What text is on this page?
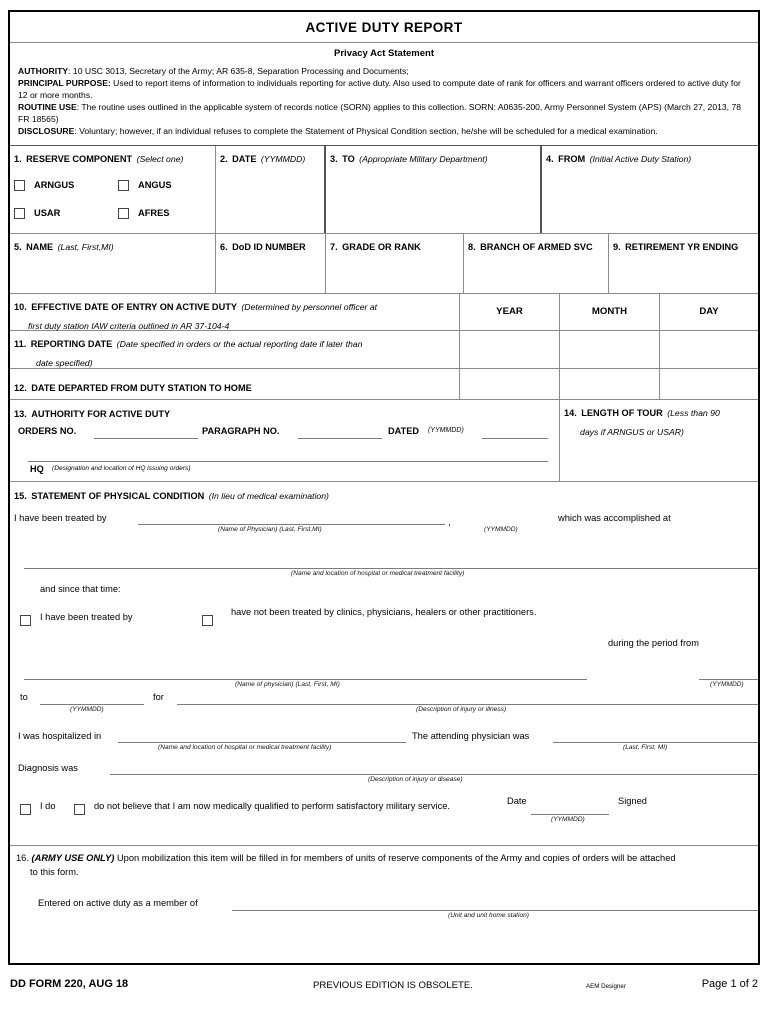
ACTIVE DUTY REPORT
Privacy Act Statement
AUTHORITY: 10 USC 3013, Secretary of the Army; AR 635-8, Separation Processing and Documents;
PRINCIPAL PURPOSE: Used to report items of information to individuals reporting for active duty. Also used to compute date of rank for officers and warrant officers ordered to active duty for 12 or more months.
ROUTINE USE: The routine uses outlined in the applicable system of records notice (SORN) applies to this collection. SORN: A0635-200, Army Personnel System (APS) (March 27, 2013, 78 FR 18565)
DISCLOSURE: Voluntary; however, if an individual refuses to complete the Statement of Physical Condition section, he/she will be scheduled for a medical examination.
1. RESERVE COMPONENT (Select one)
ARNGUS	ANGUS
USAR	AFRES
2. DATE (YYMMDD)	3. TO (Appropriate Military Department)	4. FROM (Initial Active Duty Station)
5. NAME (Last, First,MI)	6. DoD ID NUMBER	7. GRADE OR RANK	8. BRANCH OF ARMED SVC	9. RETIREMENT YR ENDING
10. EFFECTIVE DATE OF ENTRY ON ACTIVE DUTY (Determined by personnel officer at
first duty station IAW criteria outlined in AR 37-104-4
YEAR	MONTH	DAY
11. REPORTING DATE (Date specified in orders or the actual reporting date if later than
date specified)
12. DATE DEPARTED FROM DUTY STATION TO HOME
13. AUTHORITY FOR ACTIVE DUTY
ORDERS NO.	PARAGRAPH NO.	DATED (YYMMDD)
HQ (Designation and location of HQ issuing orders)
14. LENGTH OF TOUR (Less than 90
days if ARNGUS or USAR)
15. STATEMENT OF PHYSICAL CONDITION (In lieu of medical examination)
I have been treated by
(Name of Physician) (Last, First,MI)
,
(YYMMDD)
which was accomplished at
(Name and location of hospital or medical treatment facility)
and since that time:
I have been treated by	have not been treated by clinics, physicians, healers or other practitioners.
during the period from
(Name of physician) (Last, First, MI)	(YYMMDD)
to
(YYMMDD)
for
(Description of injury or illness)
I was hospitalized in
(Name and location of hospital or medical treatment facility)
The attending physician was
(Last, First, MI)
Diagnosis was
(Description of injury or disease)
I do	do not believe that I am now medically qualified to perform satisfactory military service.	Date
(YYMMDD)
Signed
16. (ARMY USE ONLY) Upon mobilization this item will be filled in for members of units of reserve components of the Army and copies of orders will be attached
to this form.
Entered on active duty as a member of
(Unit and unit home station)
DD FORM 220, AUG 18	PREVIOUS EDITION IS OBSOLETE.	AEM Designer	Page 1 of 2
